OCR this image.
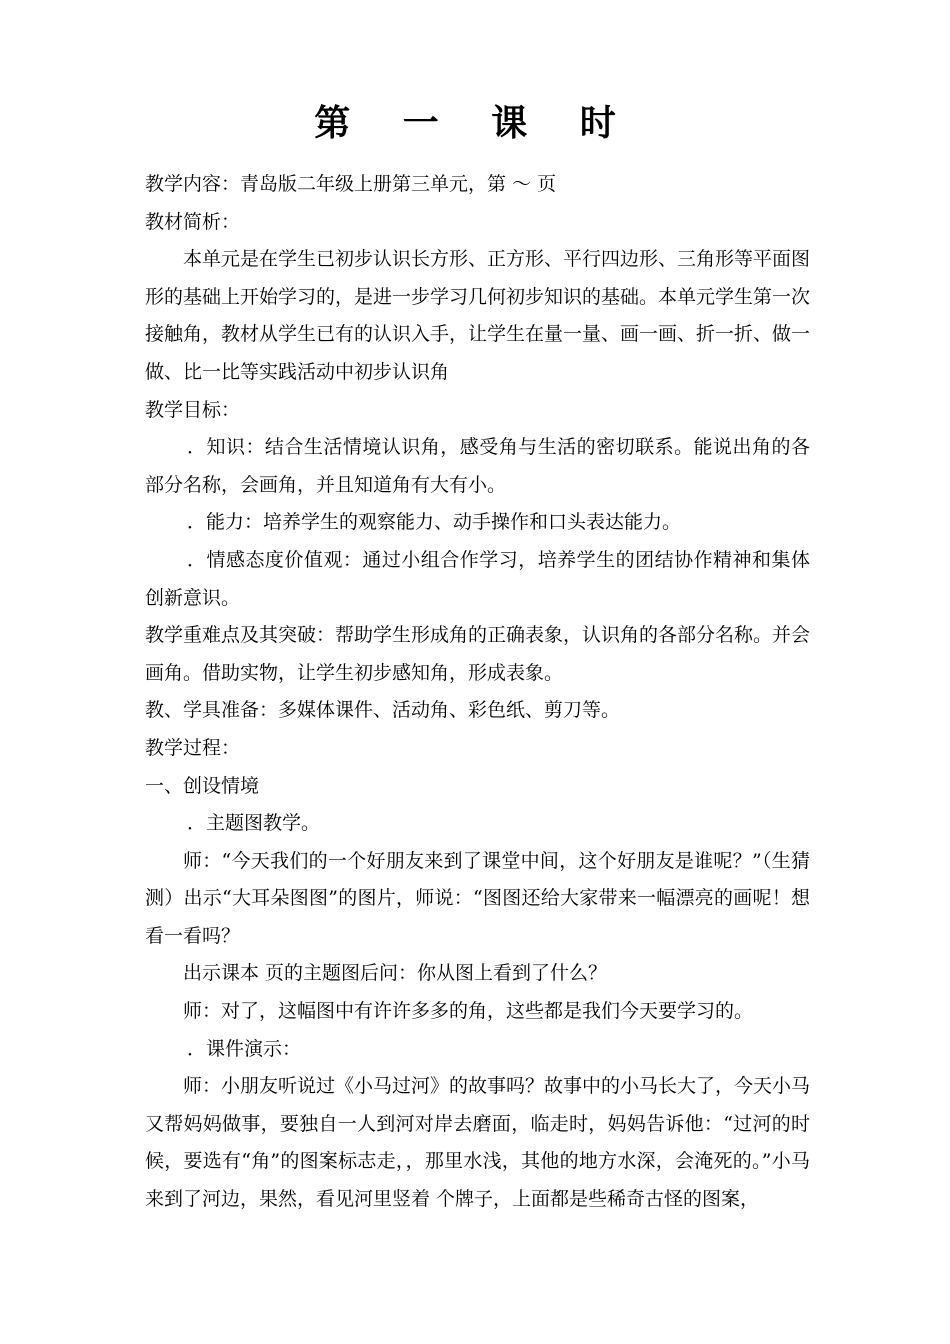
第 一 课 时

教学内容：青岛版二年级上册第三单元，第 ～ 页

教材简析：

本单元是在学生已初步认识长方形、正方形、平行四边形、三角形等平面图形的基础上开始学习的，是进一步学习几何初步知识的基础。本单元学生第一次接触角，教材从学生已有的认识入手，让学生在量一量、画一画、折一折、做一做、比一比等实践活动中初步认识角

教学目标：

．知识：结合生活情境认识角，感受角与生活的密切联系。能说出角的各部分名称，会画角，并且知道角有大有小。

．能力：培养学生的观察能力、动手操作和口头表达能力。

．情感态度价值观：通过小组合作学习，培养学生的团结协作精神和集体创新意识。

教学重难点及其突破：帮助学生形成角的正确表象，认识角的各部分名称。并会画角。借助实物，让学生初步感知角，形成表象。

教、学具准备：多媒体课件、活动角、彩色纸、剪刀等。

教学过程：

一、创设情境

．主题图教学。

师：“今天我们的一个好朋友来到了课堂中间，这个好朋友是谁呢？”（生猜测）出示“大耳朵图图”的图片，师说：“图图还给大家带来一幅漂亮的画呢！想看一看吗？

出示课本 页的主题图后问：你从图上看到了什么？

师：对了，这幅图中有许许多多的角，这些都是我们今天要学习的。

．课件演示：

师：小朋友听说过《小马过河》的故事吗？故事中的小马长大了，今天小马又帮妈妈做事，要独自一人到河对岸去磨面，临走时，妈妈告诉他：“过河的时候，要选有“角”的图案标志走，，那里水浅，其他的地方水深，会淹死的。”小马来到了河边，果然，看见河里竖着 个牌子，上面都是些稀奇古怪的图案，
